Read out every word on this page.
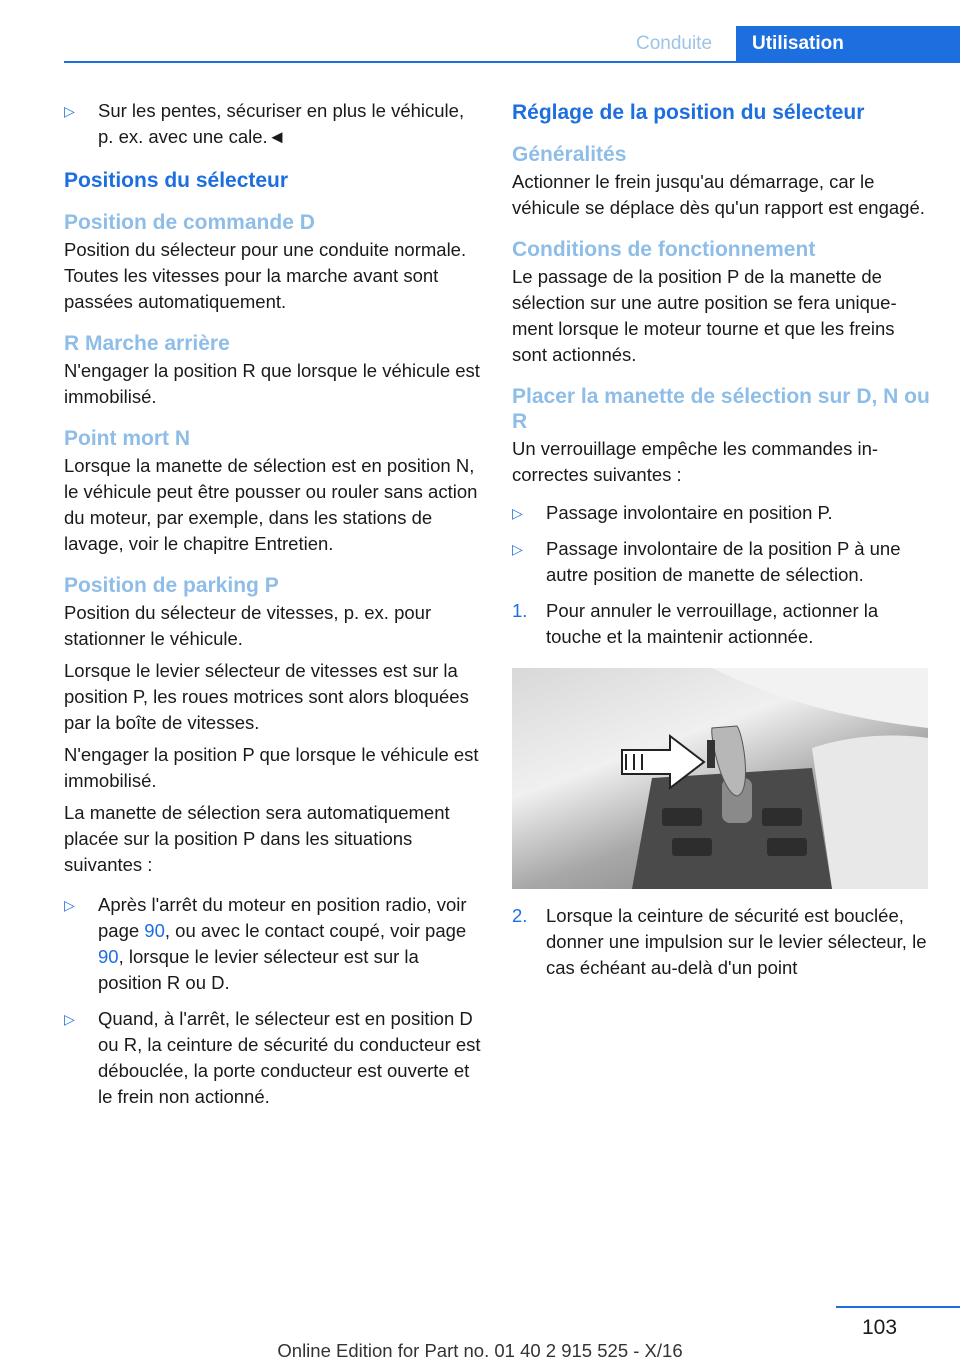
Conduite	Utilisation
▷ Sur les pentes, sécuriser en plus le véhicule, p. ex. avec une cale.◄
Positions du sélecteur
Position de commande D

Position du sélecteur pour une conduite normale. Toutes les vitesses pour la marche avant sont passées automatiquement.

R Marche arrière

N'engager la position R que lorsque le véhicule est immobilisé.

Point mort N

Lorsque la manette de sélection est en position N, le véhicule peut être pousser ou rouler sans action du moteur, par exemple, dans les stations de lavage, voir le chapitre Entretien.

Position de parking P

Position du sélecteur de vitesses, p. ex. pour stationner le véhicule.

Lorsque le levier sélecteur de vitesses est sur la position P, les roues motrices sont alors bloquées par la boîte de vitesses.

N'engager la position P que lorsque le véhicule est immobilisé.

La manette de sélection sera automatiquement placée sur la position P dans les situations suivantes :

▷ Après l'arrêt du moteur en position radio, voir page 90, ou avec le contact coupé, voir page 90, lorsque le levier sélecteur est sur la position R ou D.
▷ Quand, à l'arrêt, le sélecteur est en position D ou R, la ceinture de sécurité du conducteur est débouclée, la porte conducteur est ouverte et le frein non actionné.
Réglage de la position du sélecteur
Généralités

Actionner le frein jusqu'au démarrage, car le véhicule se déplace dès qu'un rapport est engagé.

Conditions de fonctionnement

Le passage de la position P de la manette de sélection sur une autre position se fera uniquement lorsque le moteur tourne et que les freins sont actionnés.

Placer la manette de sélection sur D, N ou R

Un verrouillage empêche les commandes incorrectes suivantes :

▷ Passage involontaire en position P.
▷ Passage involontaire de la position P à une autre position de manette de sélection.
1. Pour annuler le verrouillage, actionner la touche et la maintenir actionnée.
2. Lorsque la ceinture de sécurité est bouclée, donner une impulsion sur le levier sélecteur, le cas échéant au-delà d'un point
103
Online Edition for Part no. 01 40 2 915 525 - X/16
